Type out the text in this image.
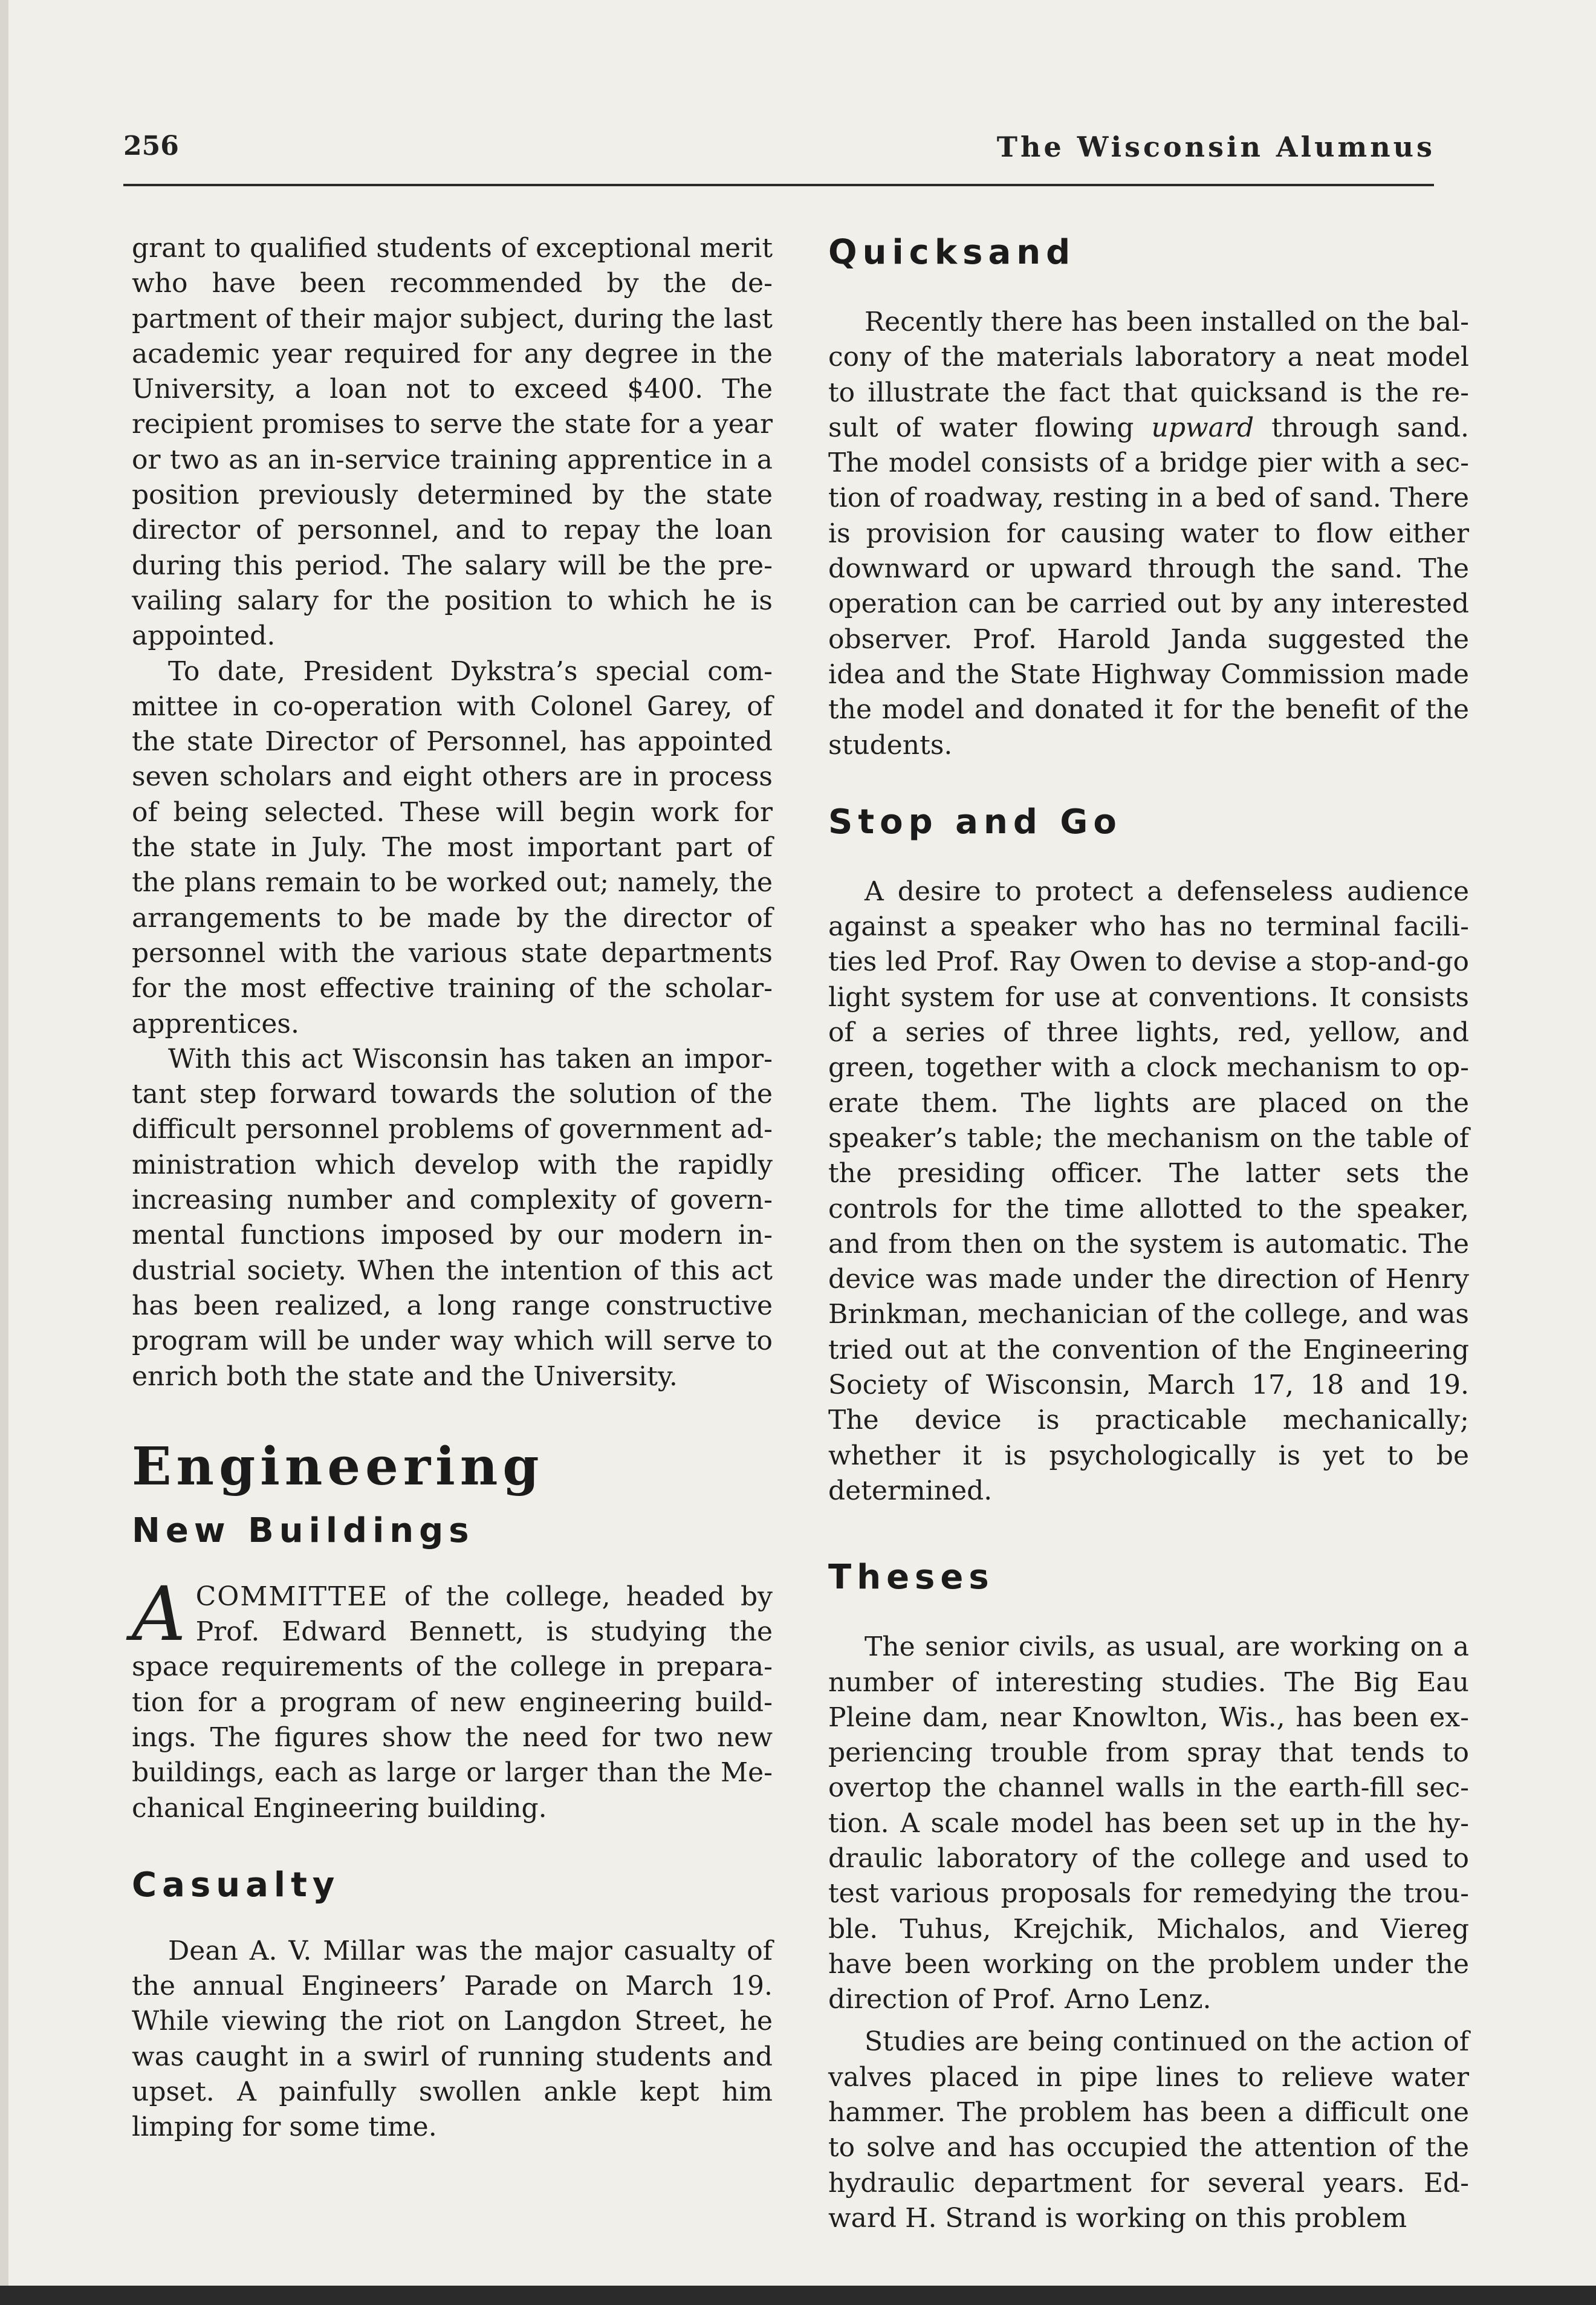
256	The Wisconsin Alumnus

grant to qualified students of exceptional merit who have been recommended by the department of their major subject, during the last academic year required for any degree in the University, a loan not to exceed $400. The recipient promises to serve the state for a year or two as an in-service training apprentice in a position previously determined by the state director of personnel, and to repay the loan during this period. The salary will be the prevailing salary for the position to which he is appointed.

To date, President Dykstra’s special committee in co-operation with Colonel Garey, of the state Director of Personnel, has appointed seven scholars and eight others are in process of being selected. These will begin work for the state in July. The most important part of the plans remain to be worked out; namely, the arrangements to be made by the director of personnel with the various state departments for the most effective training of the scholar-apprentices.

With this act Wisconsin has taken an important step forward towards the solution of the difficult personnel problems of government administration which develop with the rapidly increasing number and complexity of governmental functions imposed by our modern industrial society. When the intention of this act has been realized, a long range constructive program will be under way which will serve to enrich both the state and the University.

Engineering
New Buildings

ACOMMITTEE of the college, headed by Prof. Edward Bennett, is studying the space requirements of the college in preparation for a program of new engineering buildings. The figures show the need for two new buildings, each as large or larger than the Mechanical Engineering building.

Casualty

Dean A. V. Millar was the major casualty of the annual Engineers’ Parade on March 19. While viewing the riot on Langdon Street, he was caught in a swirl of running students and upset. A painfully swollen ankle kept him limping for some time.

Quicksand

Recently there has been installed on the balcony of the materials laboratory a neat model to illustrate the fact that quicksand is the result of water flowing upward through sand. The model consists of a bridge pier with a section of roadway, resting in a bed of sand. There is provision for causing water to flow either downward or upward through the sand. The operation can be carried out by any interested observer. Prof. Harold Janda suggested the idea and the State Highway Commission made the model and donated it for the benefit of the students.

Stop and Go

A desire to protect a defenseless audience against a speaker who has no terminal facilities led Prof. Ray Owen to devise a stop-and-go light system for use at conventions. It consists of a series of three lights, red, yellow, and green, together with a clock mechanism to operate them. The lights are placed on the speaker’s table; the mechanism on the table of the presiding officer. The latter sets the controls for the time allotted to the speaker, and from then on the system is automatic. The device was made under the direction of Henry Brinkman, mechanician of the college, and was tried out at the convention of the Engineering Society of Wisconsin, March 17, 18 and 19. The device is practicable mechanically; whether it is psychologically is yet to be determined.

Theses

The senior civils, as usual, are working on a number of interesting studies. The Big Eau Pleine dam, near Knowlton, Wis., has been experiencing trouble from spray that tends to overtop the channel walls in the earth-fill section. A scale model has been set up in the hydraulic laboratory of the college and used to test various proposals for remedying the trouble. Tuhus, Krejchik, Michalos, and Viereg have been working on the problem under the direction of Prof. Arno Lenz.

Studies are being continued on the action of valves placed in pipe lines to relieve water hammer. The problem has been a difficult one to solve and has occupied the attention of the hydraulic department for several years. Edward H. Strand is working on this problem
